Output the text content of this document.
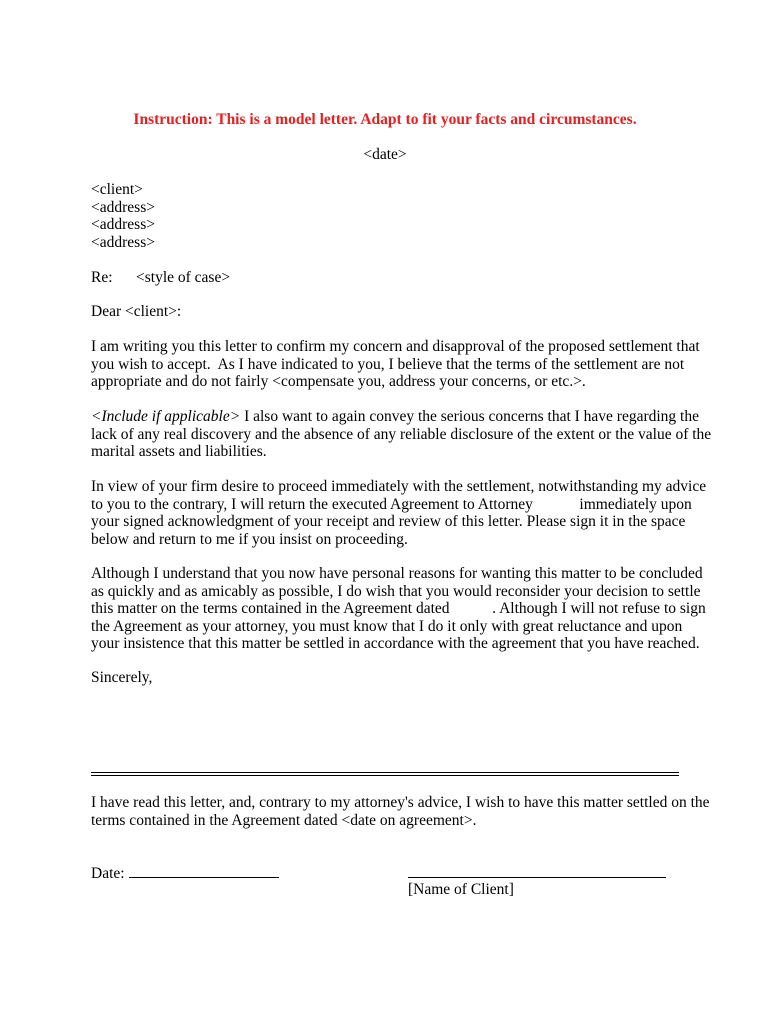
Instruction: This is a model letter. Adapt to fit your facts and circumstances.
<date>
<client>
<address>
<address>
<address>
Re: <style of case>
Dear <client>:
I am writing you this letter to confirm my concern and disapproval of the proposed settlement that
you wish to accept.  As I have indicated to you, I believe that the terms of the settlement are not
appropriate and do not fairly <compensate you, address your concerns, or etc.>.
<Include if applicable> I also want to again convey the serious concerns that I have regarding the
lack of any real discovery and the absence of any reliable disclosure of the extent or the value of the
marital assets and liabilities.
In view of your firm desire to proceed immediately with the settlement, notwithstanding my advice
to you to the contrary, I will return the executed Agreement to Attorney            immediately upon
your signed acknowledgment of your receipt and review of this letter. Please sign it in the space
below and return to me if you insist on proceeding.
Although I understand that you now have personal reasons for wanting this matter to be concluded
as quickly and as amicably as possible, I do wish that you would reconsider your decision to settle
this matter on the terms contained in the Agreement dated           . Although I will not refuse to sign
the Agreement as your attorney, you must know that I do it only with great reluctance and upon
your insistence that this matter be settled in accordance with the agreement that you have reached.
Sincerely,
I have read this letter, and, contrary to my attorney's advice, I wish to have this matter settled on the
terms contained in the Agreement dated <date on agreement>.
Date:
[Name of Client]
